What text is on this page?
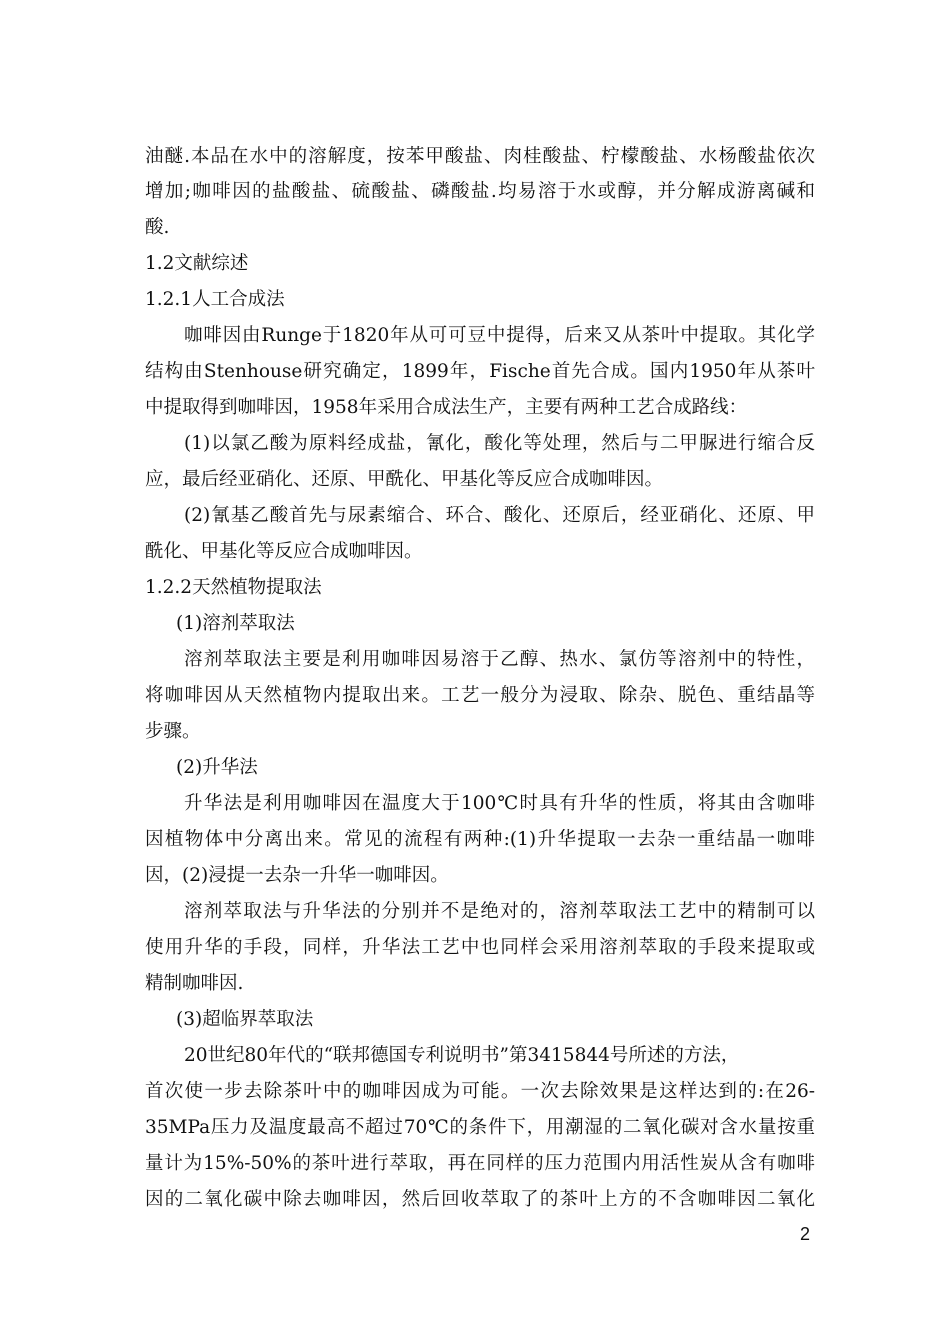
油醚.本品在水中的溶解度，按苯甲酸盐、肉桂酸盐、柠檬酸盐、水杨酸盐依次
增加;咖啡因的盐酸盐、硫酸盐、磷酸盐.均易溶于水或醇，并分解成游离碱和
酸.
1.2文献综述
1.2.1人工合成法
咖啡因由Runge于1820年从可可豆中提得，后来又从茶叶中提取。其化学
结构由Stenhouse研究确定，1899年，Fische首先合成。国内1950年从茶叶
中提取得到咖啡因，1958年采用合成法生产，主要有两种工艺合成路线：
(1)以氯乙酸为原料经成盐，氰化，酸化等处理，然后与二甲脲进行缩合反
应，最后经亚硝化、还原、甲酰化、甲基化等反应合成咖啡因。
(2)氰基乙酸首先与尿素缩合、环合、酸化、还原后，经亚硝化、还原、甲
酰化、甲基化等反应合成咖啡因。
1.2.2天然植物提取法
(1)溶剂萃取法
溶剂萃取法主要是利用咖啡因易溶于乙醇、热水、氯仿等溶剂中的特性，
将咖啡因从天然植物内提取出来。工艺一般分为浸取、除杂、脱色、重结晶等
步骤。
(2)升华法
升华法是利用咖啡因在温度大于100℃时具有升华的性质，将其由含咖啡
因植物体中分离出来。常见的流程有两种:(1)升华提取一去杂一重结晶一咖啡
因，(2)浸提一去杂一升华一咖啡因。
溶剂萃取法与升华法的分别并不是绝对的，溶剂萃取法工艺中的精制可以
使用升华的手段，同样，升华法工艺中也同样会采用溶剂萃取的手段来提取或
精制咖啡因.
(3)超临界萃取法
20世纪80年代的“联邦德国专利说明书”第3415844号所述的方法，
首次使一步去除茶叶中的咖啡因成为可能。一次去除效果是这样达到的:在26-
35MPa压力及温度最高不超过70℃的条件下，用潮湿的二氧化碳对含水量按重
量计为15%-50%的茶叶进行萃取，再在同样的压力范围内用活性炭从含有咖啡
因的二氧化碳中除去咖啡因，然后回收萃取了的茶叶上方的不含咖啡因二氧化
2
